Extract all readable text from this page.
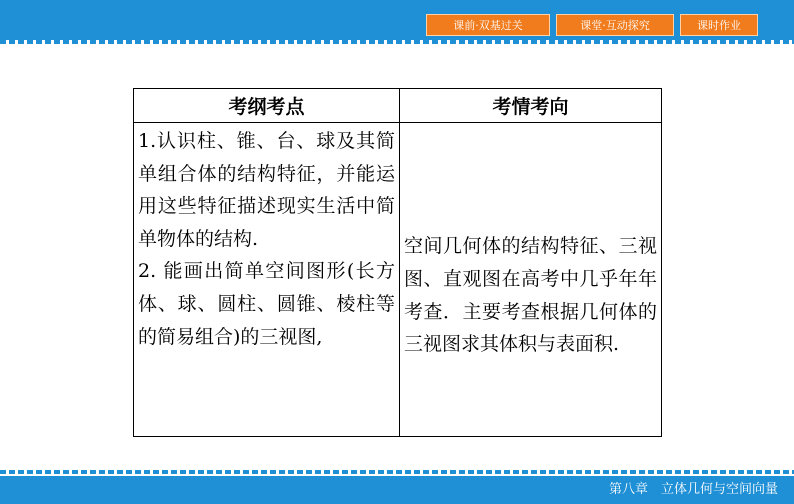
课前·双基过关	课堂·互动探究	课时作业
考纲考点	考情考向

1.认识柱、锥、台、球及其简单组合体的结构特征，并能运用这些特征描述现实生活中简单物体的结构.
2. 能画出简单空间图形(长方体、球、圆柱、圆锥、棱柱等的简易组合)的三视图,	空间几何体的结构特征、三视图、直观图在高考中几乎年年考查．主要考查根据几何体的三视图求其体积与表面积.
第八章　立体几何与空间向量
